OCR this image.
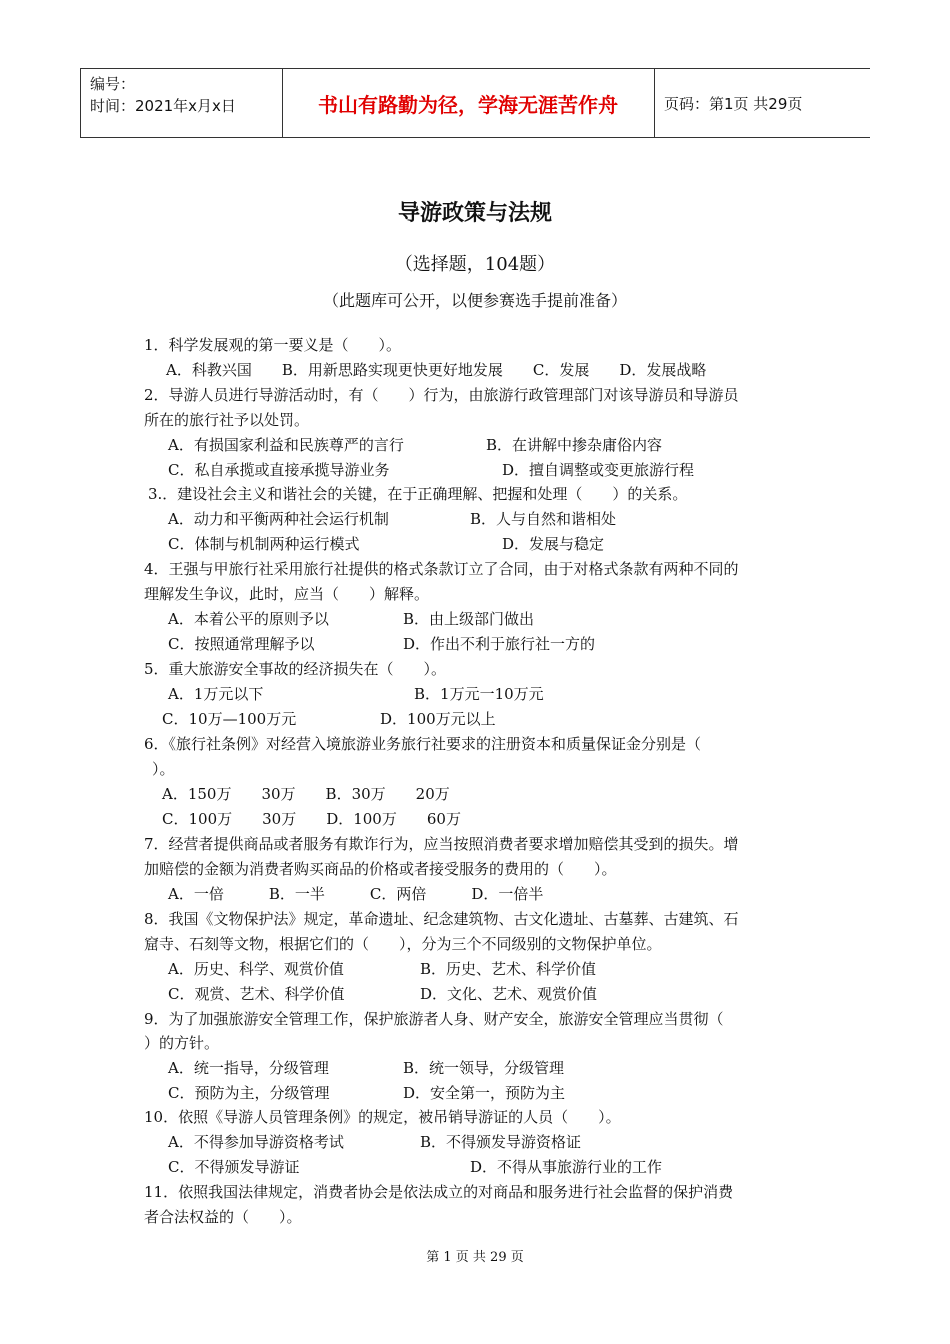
编号：
时间：2021年x月x日	书山有路勤为径，学海无涯苦作舟	页码：第1页 共29页
导游政策与法规
（选择题，104题）
（此题库可公开，以便参赛选手提前准备）
1．科学发展观的第一要义是（　　）。
A．科教兴国　　B．用新思路实现更快更好地发展　　C．发展　　D．发展战略
2．导游人员进行导游活动时，有（　　）行为，由旅游行政管理部门对该导游员和导游员
所在的旅行社予以处罚。
A．有损国家利益和民族尊严的言行	B．在讲解中掺杂庸俗内容
C．私自承揽或直接承揽导游业务	D．擅自调整或变更旅游行程
3.．建设社会主义和谐社会的关键，在于正确理解、把握和处理（　　）的关系。
A．动力和平衡两种社会运行机制	B．人与自然和谐相处
C．体制与机制两种运行模式	D．发展与稳定
4．王强与甲旅行社采用旅行社提供的格式条款订立了合同，由于对格式条款有两种不同的
理解发生争议，此时，应当（　　）解释。
A．本着公平的原则予以	B．由上级部门做出
C．按照通常理解予以	D．作出不利于旅行社一方的
5．重大旅游安全事故的经济损失在（　　）。
A．1万元以下	B．1万元一10万元
C．10万—100万元	D．100万元以上
6．《旅行社条例》对经营入境旅游业务旅行社要求的注册资本和质量保证金分别是（
）。
A．150万　　30万　　B．30万　　20万
C．100万　　30万　　D．100万　　60万
7．经营者提供商品或者服务有欺诈行为，应当按照消费者要求增加赔偿其受到的损失。增
加赔偿的金额为消费者购买商品的价格或者接受服务的费用的（　　）。
A．一倍　　　B．一半　　　C．两倍　　　D．一倍半
8．我国《文物保护法》规定，革命遗址、纪念建筑物、古文化遗址、古墓葬、古建筑、石
窟寺、石刻等文物，根据它们的（　　），分为三个不同级别的文物保护单位。
A．历史、科学、观赏价值	B．历史、艺术、科学价值
C．观赏、艺术、科学价值	D．文化、艺术、观赏价值
9．为了加强旅游安全管理工作，保护旅游者人身、财产安全，旅游安全管理应当贯彻（
）的方针。
A．统一指导，分级管理	B．统一领导，分级管理
C．预防为主，分级管理	D．安全第一，预防为主
10．依照《导游人员管理条例》的规定，被吊销导游证的人员（　　）。
A．不得参加导游资格考试	B．不得颁发导游资格证
C．不得颁发导游证	D．不得从事旅游行业的工作
11．依照我国法律规定，消费者协会是依法成立的对商品和服务进行社会监督的保护消费
者合法权益的（　　）。
第 1 页 共 29 页
